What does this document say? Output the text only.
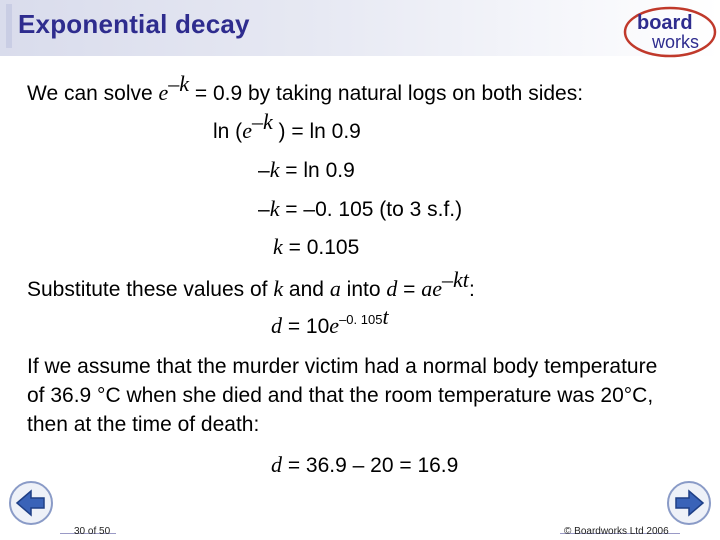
Exponential decay	board
works
We can solve $e^{-k} = 0.9$ by taking natural logs on both sides:
$\ln (e^{-k}$ ) = ln 0.9
–k = ln 0.9
–k = –0. 105 (to 3 s.f.)
k = 0.105
Substitute these values of k and a into $d = ae^{-kt}$:
$d = 10e^{-0. 105t}$
If we assume that the murder victim had a normal body temperature of 36.9 °C when she died and that the room temperature was 20°C, then at the time of death:
d = 36.9 – 20 = 16.9
30 of 50	© Boardworks Ltd 2006
